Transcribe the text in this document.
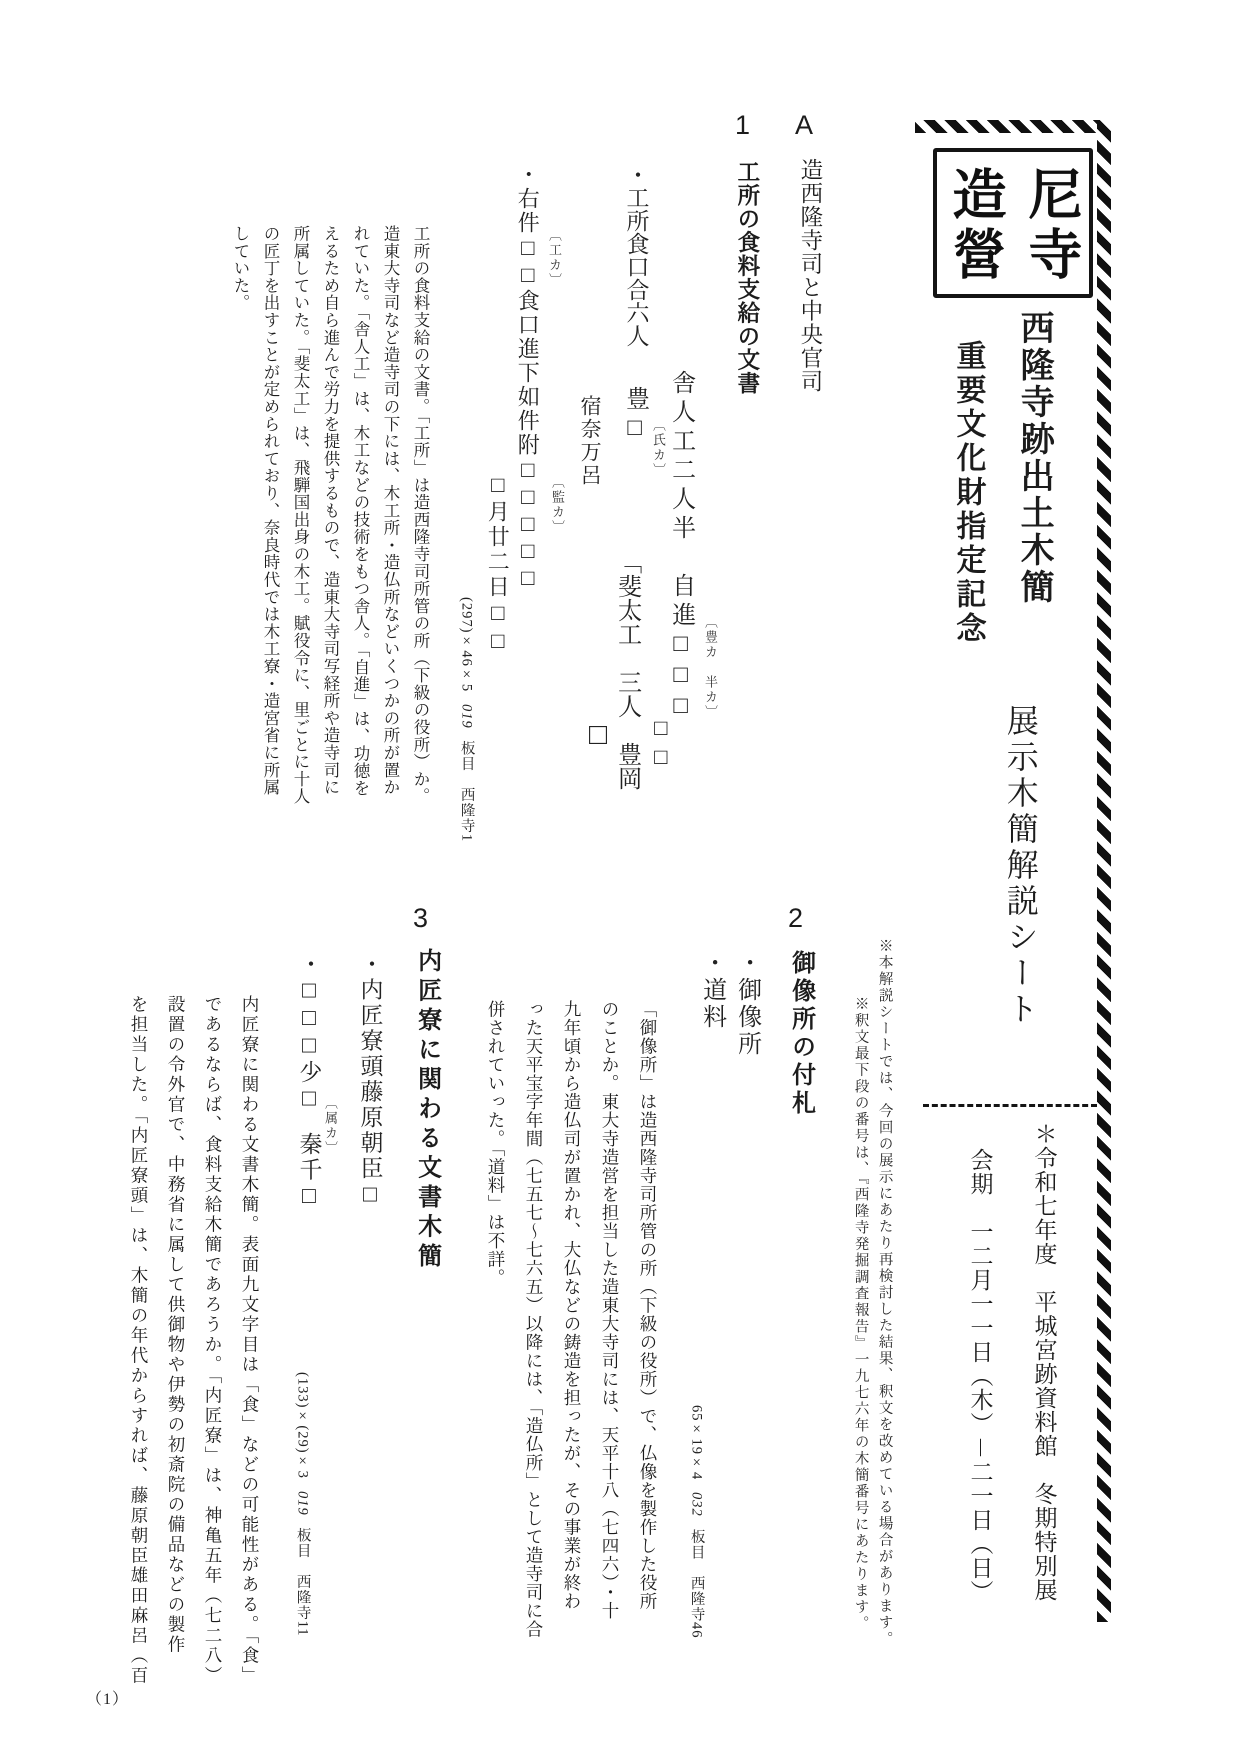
尼寺
造營
西隆寺跡出土木簡
重要文化財指定記念
展示木簡解説シート
＊令和七年度　平城宮跡資料館　冬期特別展
会期　一二月一一日（木）－二一日（日）
※本解説シートでは、今回の展示にあたり再検討した結果、釈文を改めている場合があります。
※釈文最下段の番号は、『西隆寺発掘調査報告』一九七六年の木簡番号にあたります。
A
造西隆寺司と中央官司
1
工所の食料支給の文書
舎人工二人半　自進□□□ 〔豊カ　半カ〕
・工所食口合六人
豊□
〔氏カ〕
宿奈万呂
「斐太工　三人　豊岡 □□
□
・右件□□食口進下如件附□□□□□ 〔工カ〕
〔監カ〕
□月廿二日□□
(297)×46×5019板目　西隆寺1
工所の食料支給の文書。「工所」は造西隆寺司所管の所（下級の役所）か。
造東大寺司など造寺司の下には、木工所・造仏所などいくつかの所が置か
れていた。「舎人工」は、木工などの技術をもつ舎人。「自進」は、功徳を
えるため自ら進んで労力を提供するもので、造東大寺司写経所や造寺司に
所属していた。「斐太工」は、飛騨国出身の木工。賦役令に、里ごとに十人
の匠丁を出すことが定められており、奈良時代では木工寮・造宮省に所属
していた。
2
御像所の付札
・御像所
・道料
65×19×4032板目　西隆寺46
「御像所」は造西隆寺司所管の所（下級の役所）で、仏像を製作した役所
のことか。東大寺造営を担当した造東大寺司には、天平十八（七四六）・十
九年頃から造仏司が置かれ、大仏などの鋳造を担ったが、その事業が終わ
った天平宝字年間（七五七～七六五）以降には、「造仏所」として造寺司に合
併されていった。「道料」は不詳。
3
内匠寮に関わる文書木簡
・内匠寮頭藤原朝臣□
・□□□少□
〔属カ〕
秦千□
(133)×(29)×3019板目　西隆寺11
内匠寮に関わる文書木簡。表面九文字目は「食」などの可能性がある。「食」
であるならば、食料支給木簡であろうか。「内匠寮」は、神亀五年（七二八）
設置の令外官で、中務省に属して供御物や伊勢の初斎院の備品などの製作
を担当した。「内匠寮頭」は、木簡の年代からすれば、藤原朝臣雄田麻呂（百
（1）
